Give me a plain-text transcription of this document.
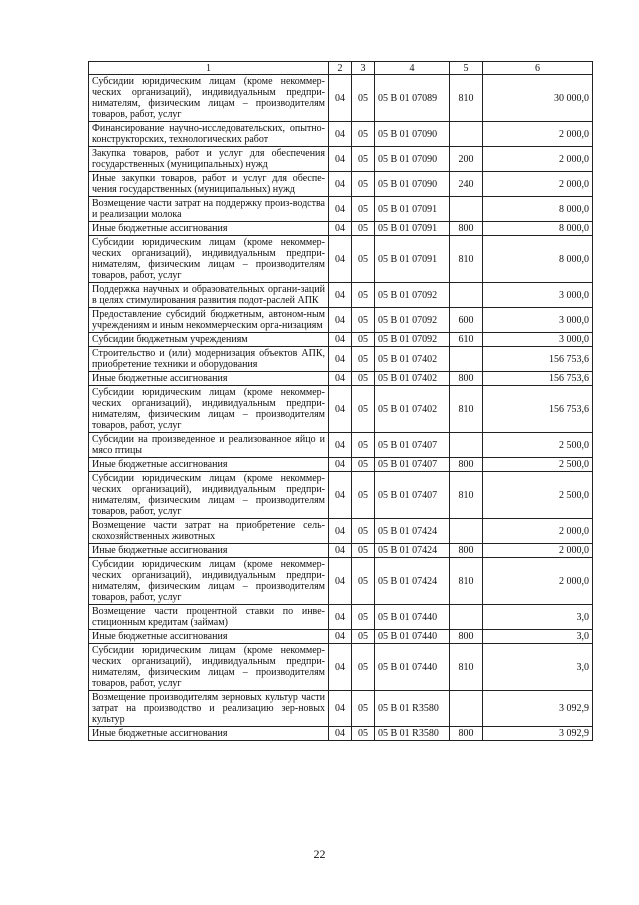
1	2	3	4	5	6
Субсидии юридическим лицам (кроме некоммер-ческих организаций), индивидуальным предпри-нимателям, физическим лицам – производителям товаров, работ, услуг	04	05	05 В 01 07089	810	30 000,0
Финансирование научно-исследовательских, опытно-конструкторских, технологических работ	04	05	05 В 01 07090		2 000,0
Закупка товаров, работ и услуг для обеспечения государственных (муниципальных) нужд	04	05	05 В 01 07090	200	2 000,0
Иные закупки товаров, работ и услуг для обеспе-чения государственных (муниципальных) нужд	04	05	05 В 01 07090	240	2 000,0
Возмещение части затрат на поддержку произ-водства и реализации молока	04	05	05 В 01 07091		8 000,0
Иные бюджетные ассигнования	04	05	05 В 01 07091	800	8 000,0
Субсидии юридическим лицам (кроме некоммер-ческих организаций), индивидуальным предпри-нимателям, физическим лицам – производителям товаров, работ, услуг	04	05	05 В 01 07091	810	8 000,0
Поддержка научных и образовательных органи-заций в целях стимулирования развития подот-раслей АПК	04	05	05 В 01 07092		3 000,0
Предоставление субсидий бюджетным, автоном-ным учреждениям и иным некоммерческим орга-низациям	04	05	05 В 01 07092	600	3 000,0
Субсидии бюджетным учреждениям	04	05	05 В 01 07092	610	3 000,0
Строительство и (или) модернизация объектов АПК, приобретение техники и оборудования	04	05	05 В 01 07402		156 753,6
Иные бюджетные ассигнования	04	05	05 В 01 07402	800	156 753,6
Субсидии юридическим лицам (кроме некоммер-ческих организаций), индивидуальным предпри-нимателям, физическим лицам – производителям товаров, работ, услуг	04	05	05 В 01 07402	810	156 753,6
Субсидии на произведенное и реализованное яйцо и мясо птицы	04	05	05 В 01 07407		2 500,0
Иные бюджетные ассигнования	04	05	05 В 01 07407	800	2 500,0
Субсидии юридическим лицам (кроме некоммер-ческих организаций), индивидуальным предпри-нимателям, физическим лицам – производителям товаров, работ, услуг	04	05	05 В 01 07407	810	2 500,0
Возмещение части затрат на приобретение сель-скохозяйственных животных	04	05	05 В 01 07424		2 000,0
Иные бюджетные ассигнования	04	05	05 В 01 07424	800	2 000,0
Субсидии юридическим лицам (кроме некоммер-ческих организаций), индивидуальным предпри-нимателям, физическим лицам – производителям товаров, работ, услуг	04	05	05 В 01 07424	810	2 000,0
Возмещение части процентной ставки по инве-стиционным кредитам (займам)	04	05	05 В 01 07440		3,0
Иные бюджетные ассигнования	04	05	05 В 01 07440	800	3,0
Субсидии юридическим лицам (кроме некоммер-ческих организаций), индивидуальным предпри-нимателям, физическим лицам – производителям товаров, работ, услуг	04	05	05 В 01 07440	810	3,0
Возмещение производителям зерновых культур части затрат на производство и реализацию зер-новых культур	04	05	05 В 01 R3580		3 092,9
Иные бюджетные ассигнования	04	05	05 В 01 R3580	800	3 092,9
22
